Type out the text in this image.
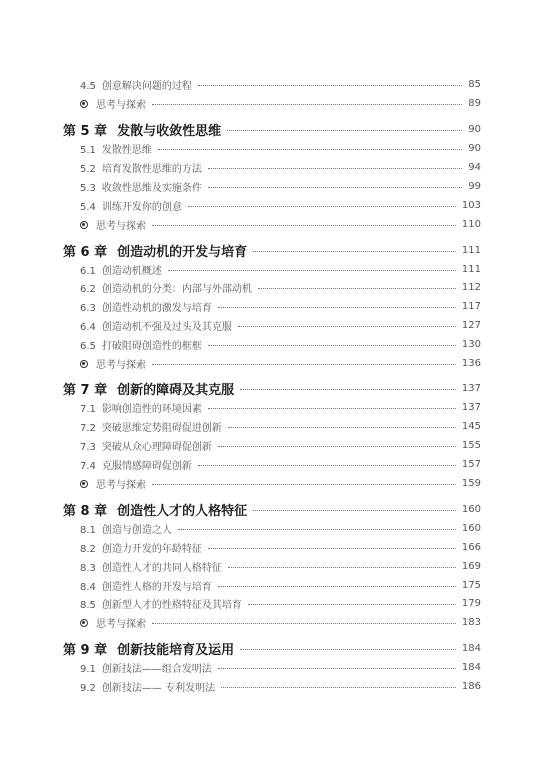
4.5 创意解决问题的过程	85
思考与探索	89
第 5 章 发散与收敛性思维	90
5.1 发散性思维	90
5.2 培育发散性思维的方法	94
5.3 收敛性思维及实施条件	99
5.4 训练开发你的创意	103
思考与探索	110
第 6 章 创造动机的开发与培育	111
6.1 创造动机概述	111
6.2 创造动机的分类：内部与外部动机	112
6.3 创造性动机的激发与培育	117
6.4 创造动机不强及过头及其克服	127
6.5 打破阻碍创造性的框框	130
思考与探索	136
第 7 章 创新的障碍及其克服	137
7.1 影响创造性的环境因素	137
7.2 突破思维定势阻碍促进创新	145
7.3 突破从众心理障碍促创新	155
7.4 克服情感障碍促创新	157
思考与探索	159
第 8 章 创造性人才的人格特征	160
8.1 创造与创造之人	160
8.2 创造力开发的年龄特征	166
8.3 创造性人才的共同人格特征	169
8.4 创造性人格的开发与培育	175
8.5 创新型人才的性格特征及其培育	179
思考与探索	183
第 9 章 创新技能培育及运用	184
9.1 创新技法——组合发明法	184
9.2 创新技法—— 专利发明法	186
